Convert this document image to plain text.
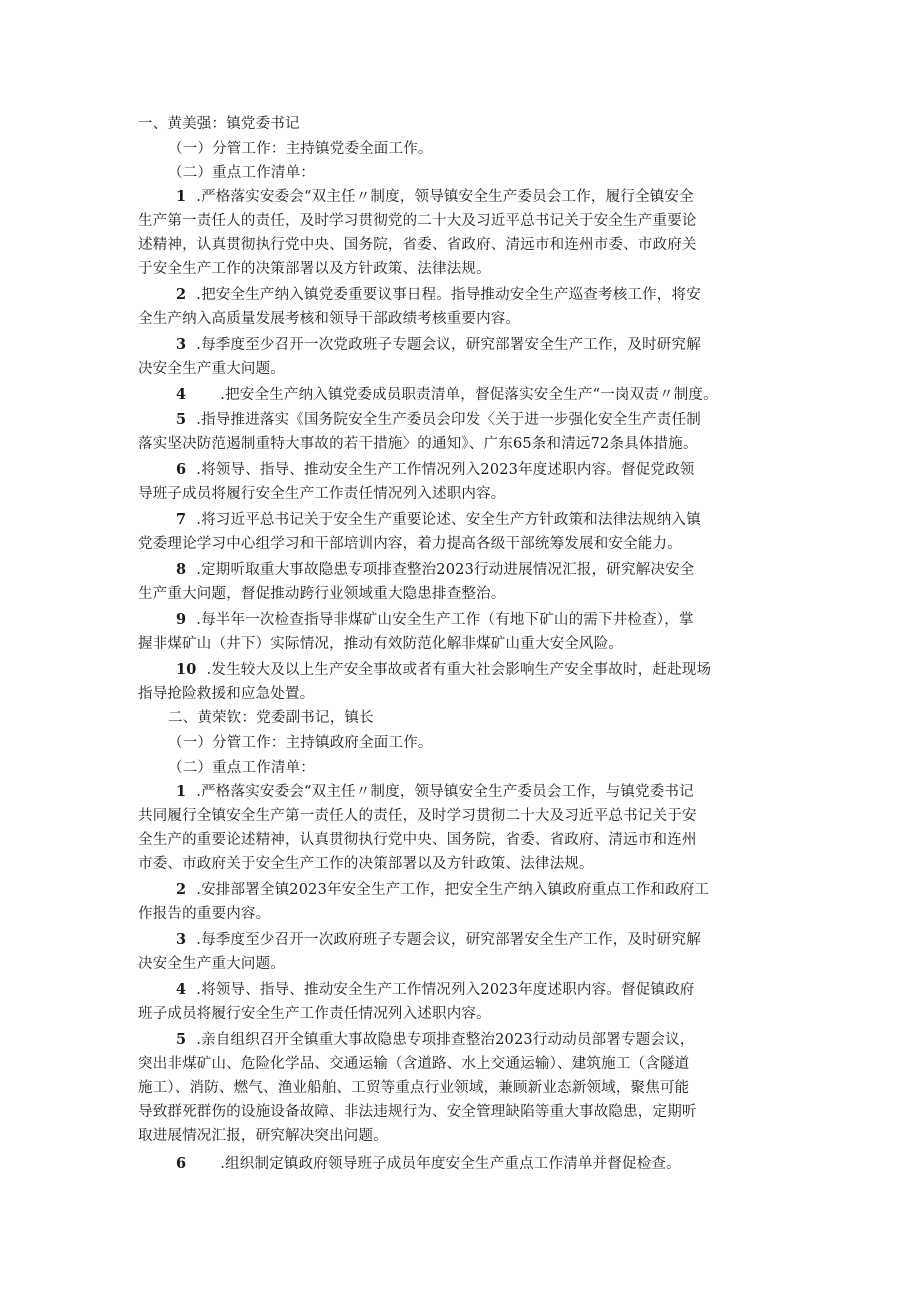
一、黄美强：镇党委书记
（一）分管工作：主持镇党委全面工作。
（二）重点工作清单：
1 .严格落实安委会“双主任〃制度，领导镇安全生产委员会工作，履行全镇安全
生产第一责任人的责任，及时学习贯彻党的二十大及习近平总书记关于安全生产重要论
述精神，认真贯彻执行党中央、国务院，省委、省政府、清远市和连州市委、市政府关
于安全生产工作的决策部署以及方针政策、法律法规。
2 .把安全生产纳入镇党委重要议事日程。指导推动安全生产巡查考核工作，将安
全生产纳入高质量发展考核和领导干部政绩考核重要内容。
3 .每季度至少召开一次党政班子专题会议，研究部署安全生产工作，及时研究解
决安全生产重大问题。
4 .把安全生产纳入镇党委成员职责清单，督促落实安全生产“一岗双责〃制度。
5 .指导推进落实《国务院安全生产委员会印发〈关于进一步强化安全生产责任制
落实坚决防范遏制重特大事故的若干措施〉的通知》、广东65条和清远72条具体措施。
6 .将领导、指导、推动安全生产工作情况列入2023年度述职内容。督促党政领
导班子成员将履行安全生产工作责任情况列入述职内容。
7 .将习近平总书记关于安全生产重要论述、安全生产方针政策和法律法规纳入镇
党委理论学习中心组学习和干部培训内容，着力提高各级干部统筹发展和安全能力。
8 .定期听取重大事故隐患专项排查整治2023行动进展情况汇报，研究解决安全
生产重大问题，督促推动跨行业领域重大隐患排查整治。
9 .每半年一次检查指导非煤矿山安全生产工作（有地下矿山的需下井检查），掌
握非煤矿山（井下）实际情况，推动有效防范化解非煤矿山重大安全风险。
10 .发生较大及以上生产安全事故或者有重大社会影响生产安全事故时，赶赴现场
指导抢险救援和应急处置。
二、黄荣钦：党委副书记，镇长
（一）分管工作：主持镇政府全面工作。
（二）重点工作清单：
1 .严格落实安委会“双主任〃制度，领导镇安全生产委员会工作，与镇党委书记
共同履行全镇安全生产第一责任人的责任，及时学习贯彻二十大及习近平总书记关于安
全生产的重要论述精神，认真贯彻执行党中央、国务院，省委、省政府、清远市和连州
市委、市政府关于安全生产工作的决策部署以及方针政策、法律法规。
2 .安排部署全镇2023年安全生产工作，把安全生产纳入镇政府重点工作和政府工
作报告的重要内容。
3 .每季度至少召开一次政府班子专题会议，研究部署安全生产工作，及时研究解
决安全生产重大问题。
4 .将领导、指导、推动安全生产工作情况列入2023年度述职内容。督促镇政府
班子成员将履行安全生产工作责任情况列入述职内容。
5 .亲自组织召开全镇重大事故隐患专项排查整治2023行动动员部署专题会议，
突出非煤矿山、危险化学品、交通运输（含道路、水上交通运输）、建筑施工（含隧道
施工）、消防、燃气、渔业船舶、工贸等重点行业领域，兼顾新业态新领域，聚焦可能
导致群死群伤的设施设备故障、非法违规行为、安全管理缺陷等重大事故隐患，定期听
取进展情况汇报，研究解决突出问题。
6 .组织制定镇政府领导班子成员年度安全生产重点工作清单并督促检查。
